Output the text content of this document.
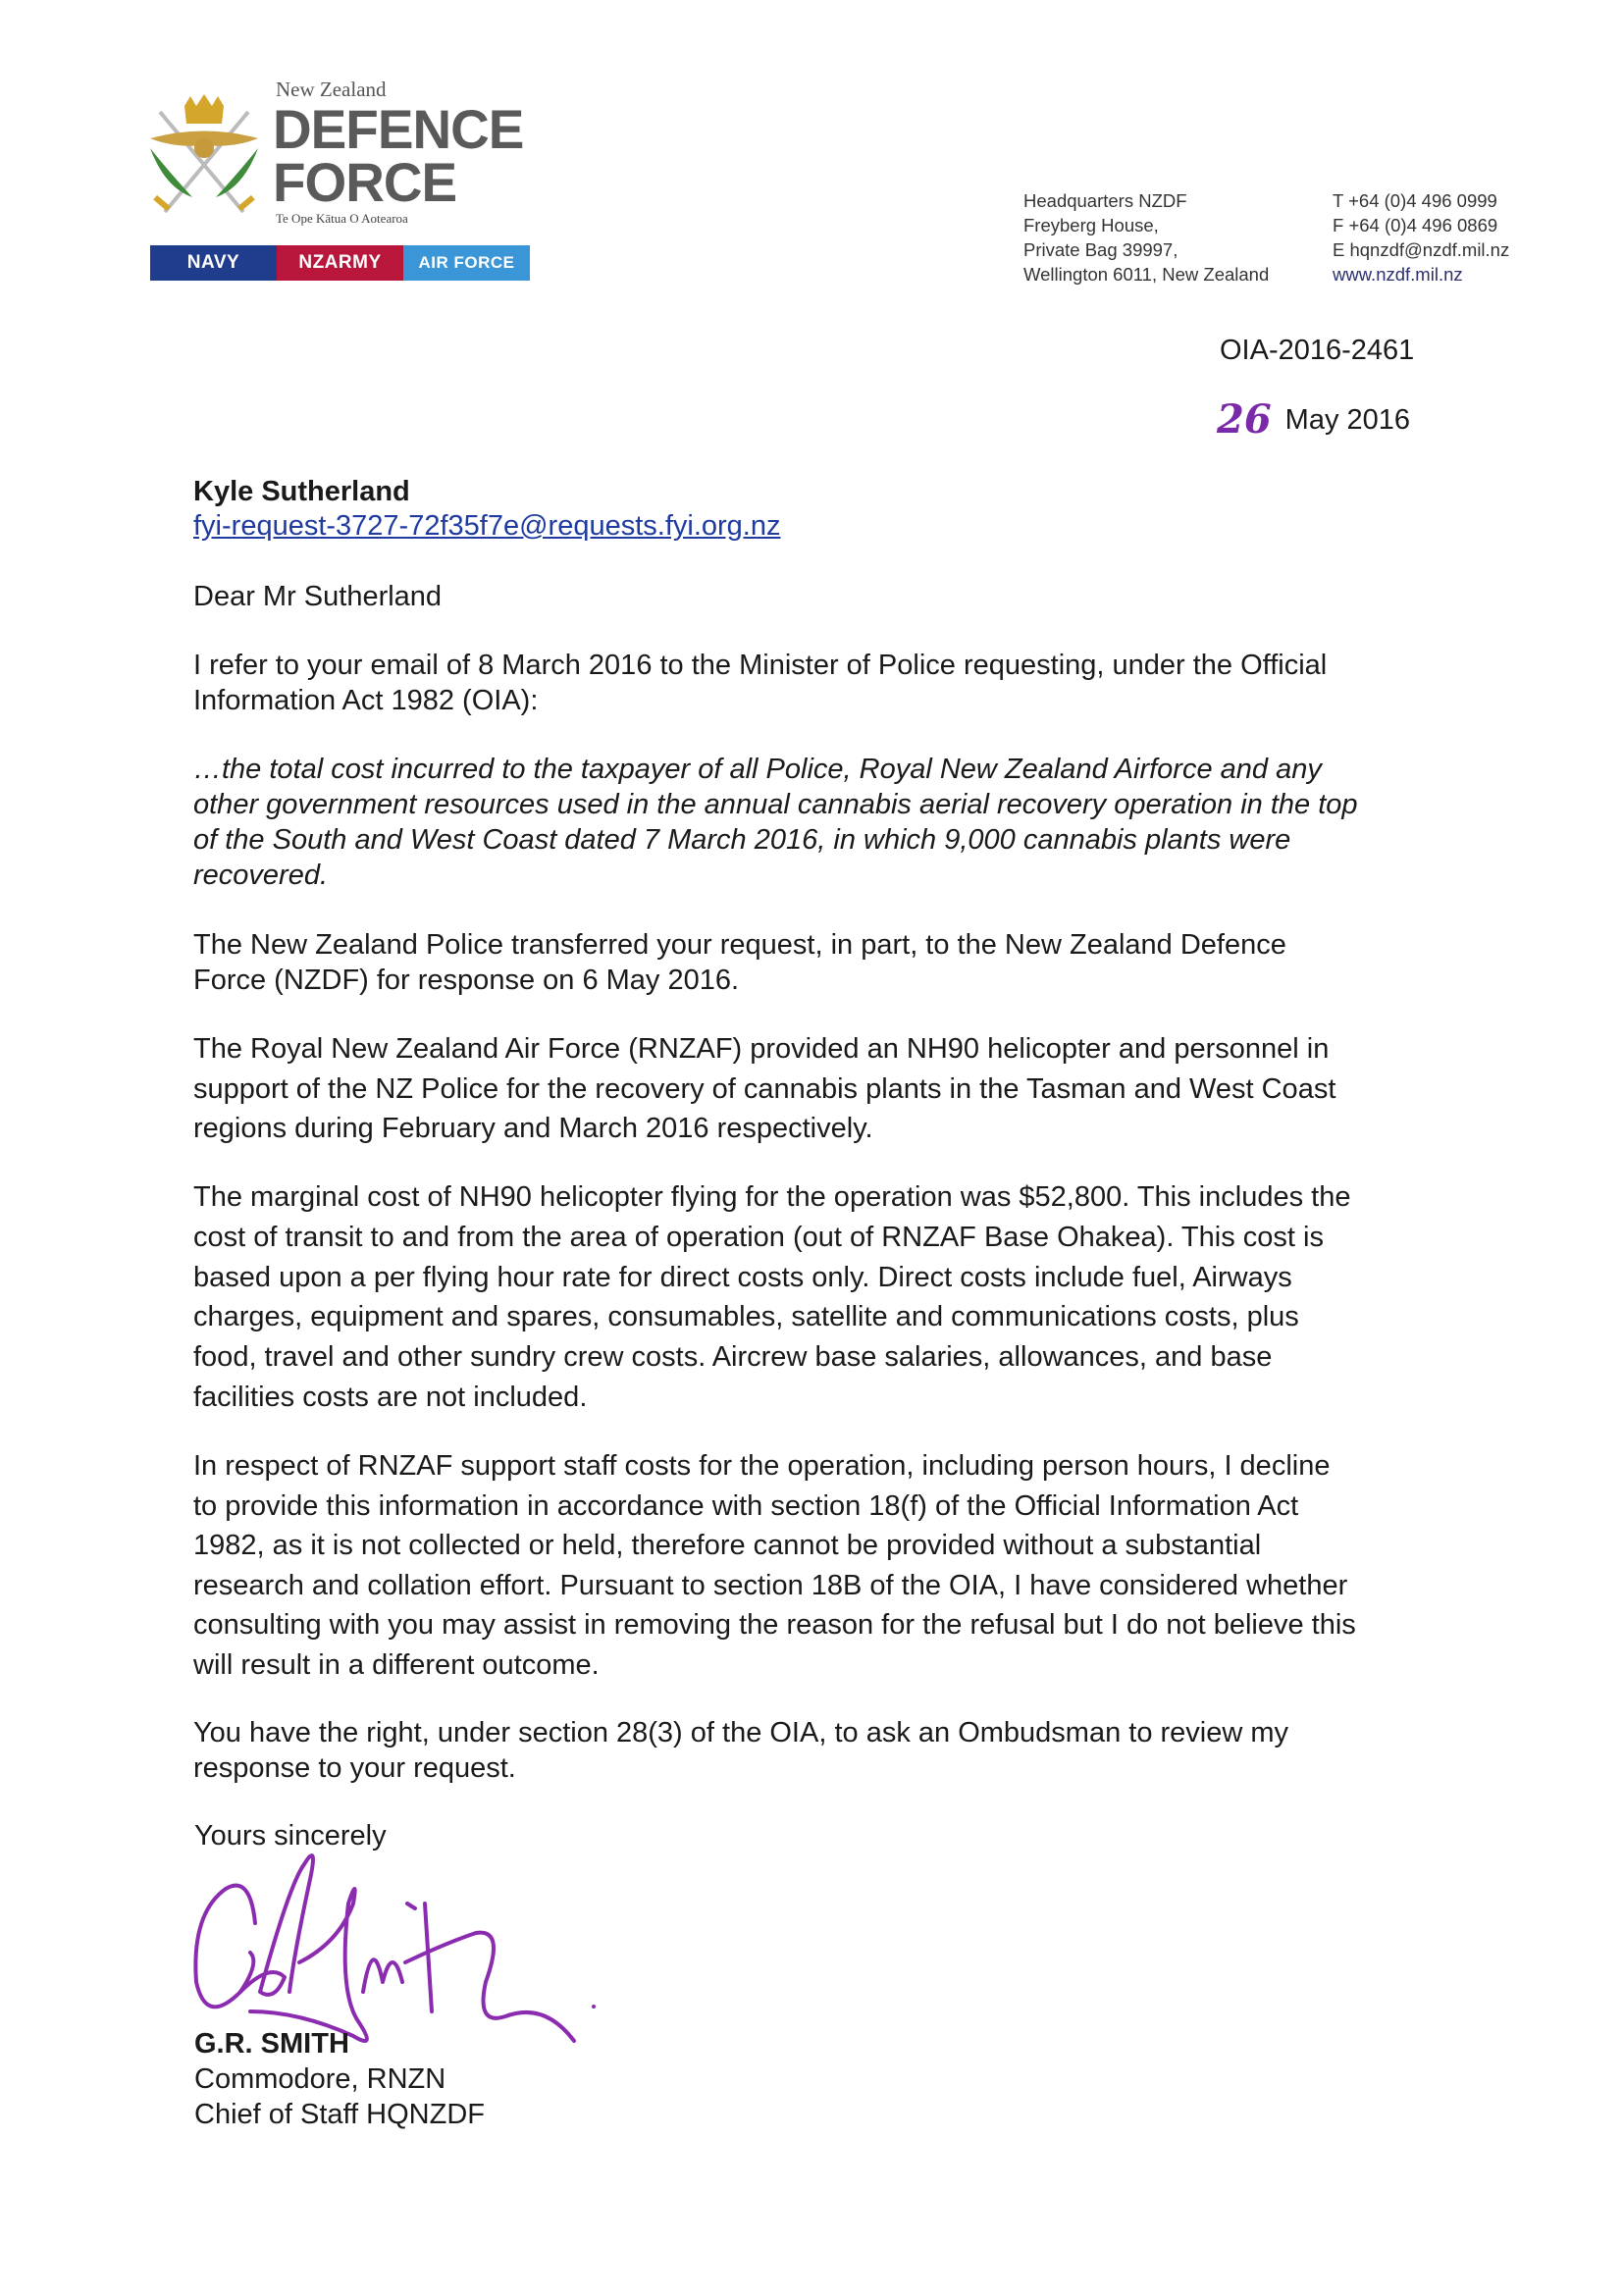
New Zealand
DEFENCE
FORCE
Te Ope Kātua O Aotearoa
NAVY	NZARMY	AIR FORCE
Headquarters NZDF
Freyberg House,
Private Bag 39997,
Wellington 6011, New Zealand
T +64 (0)4 496 0999
F +64 (0)4 496 0869
E hqnzdf@nzdf.mil.nz
www.nzdf.mil.nz
OIA-2016-2461
26 May 2016
Kyle Sutherland
fyi-request-3727-72f35f7e@requests.fyi.org.nz
Dear Mr Sutherland
I refer to your email of 8 March 2016 to the Minister of Police requesting, under the Official
Information Act 1982 (OIA):
…the total cost incurred to the taxpayer of all Police, Royal New Zealand Airforce and any
other government resources used in the annual cannabis aerial recovery operation in the top
of the South and West Coast dated 7 March 2016, in which 9,000 cannabis plants were
recovered.
The New Zealand Police transferred your request, in part, to the New Zealand Defence
Force (NZDF) for response on 6 May 2016.
The Royal New Zealand Air Force (RNZAF) provided an NH90 helicopter and personnel in
support of the NZ Police for the recovery of cannabis plants in the Tasman and West Coast
regions during February and March 2016 respectively.
The marginal cost of NH90 helicopter flying for the operation was $52,800. This includes the
cost of transit to and from the area of operation (out of RNZAF Base Ohakea). This cost is
based upon a per flying hour rate for direct costs only. Direct costs include fuel, Airways
charges, equipment and spares, consumables, satellite and communications costs, plus
food, travel and other sundry crew costs. Aircrew base salaries, allowances, and base
facilities costs are not included.
In respect of RNZAF support staff costs for the operation, including person hours, I decline
to provide this information in accordance with section 18(f) of the Official Information Act
1982, as it is not collected or held, therefore cannot be provided without a substantial
research and collation effort. Pursuant to section 18B of the OIA, I have considered whether
consulting with you may assist in removing the reason for the refusal but I do not believe this
will result in a different outcome.
You have the right, under section 28(3) of the OIA, to ask an Ombudsman to review my
response to your request.
Yours sincerely
G.R. SMITH
Commodore, RNZN
Chief of Staff HQNZDF
